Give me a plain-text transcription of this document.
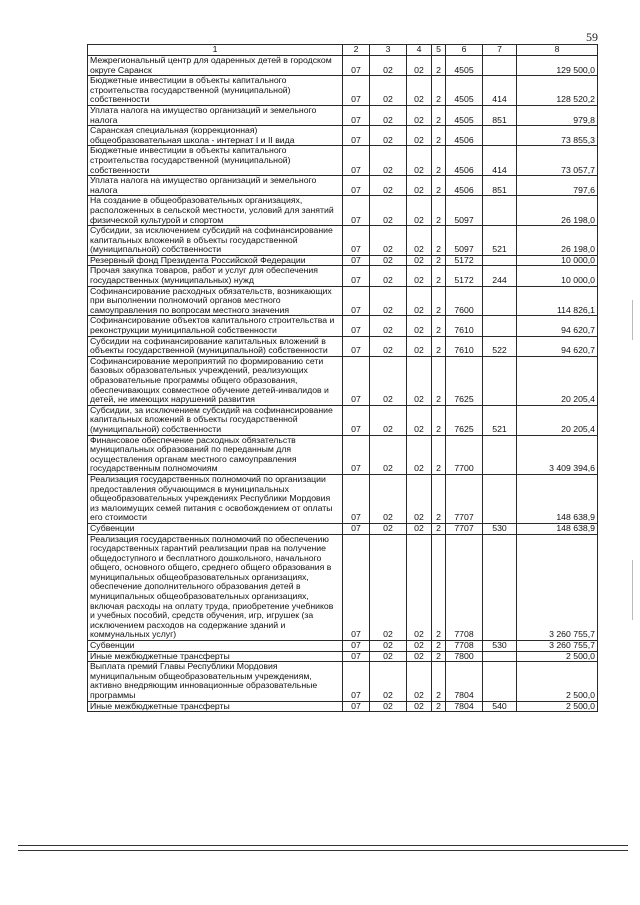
59
1	2	3	4	5	6	7	8
Межрегиональный центр для одаренных детей в городском округе Саранск	07	02	02	2	4505		129 500,0
Бюджетные инвестиции в объекты капитального строительства государственной (муниципальной) собственности	07	02	02	2	4505	414	128 520,2
Уплата налога на имущество организаций и земельного налога	07	02	02	2	4505	851	979,8
Саранская специальная (коррекционная) общеобразовательная школа - интернат I и II вида	07	02	02	2	4506		73 855,3
Бюджетные инвестиции в объекты капитального строительства государственной (муниципальной) собственности	07	02	02	2	4506	414	73 057,7
Уплата налога на имущество организаций и земельного налога	07	02	02	2	4506	851	797,6
На создание в общеобразовательных организациях, расположенных в сельской местности, условий для занятий физической культурой и спортом	07	02	02	2	5097		26 198,0
Субсидии, за исключением субсидий на софинансирование капитальных вложений в объекты государственной (муниципальной) собственности	07	02	02	2	5097	521	26 198,0
Резервный фонд Президента Российской Федерации	07	02	02	2	5172		10 000,0
Прочая закупка товаров, работ и услуг для обеспечения государственных (муниципальных) нужд	07	02	02	2	5172	244	10 000,0
Софинансирование расходных обязательств, возникающих при выполнении полномочий органов местного самоуправления по вопросам местного значения	07	02	02	2	7600		114 826,1
Софинансирование объектов капитального строительства и реконструкции муниципальной собственности	07	02	02	2	7610		94 620,7
Субсидии на софинансирование капитальных вложений в объекты государственной (муниципальной) собственности	07	02	02	2	7610	522	94 620,7
Софинансирование мероприятий по формированию сети базовых образовательных учреждений, реализующих образовательные программы общего образования, обеспечивающих совместное обучение детей-инвалидов и детей, не имеющих нарушений развития	07	02	02	2	7625		20 205,4
Субсидии, за исключением субсидий на софинансирование капитальных вложений в объекты государственной (муниципальной) собственности	07	02	02	2	7625	521	20 205,4
Финансовое обеспечение расходных обязательств муниципальных образований по переданным для осуществления органам местного самоуправления государственным полномочиям	07	02	02	2	7700		3 409 394,6
Реализация государственных полномочий по организации предоставления обучающимся в муниципальных общеобразовательных учреждениях Республики Мордовия из малоимущих семей питания с освобождением от оплаты его стоимости	07	02	02	2	7707		148 638,9
Субвенции	07	02	02	2	7707	530	148 638,9
Реализация государственных полномочий по обеспечению государственных гарантий реализации прав на получение общедоступного и бесплатного дошкольного, начального общего, основного общего, среднего общего образования в муниципальных общеобразовательных организациях, обеспечение дополнительного образования детей в муниципальных общеобразовательных организациях, включая расходы на оплату труда, приобретение учебников и учебных пособий, средств обучения, игр, игрушек (за исключением расходов на содержание зданий и коммунальных услуг)	07	02	02	2	7708		3 260 755,7
Субвенции	07	02	02	2	7708	530	3 260 755,7
Иные межбюджетные трансферты	07	02	02	2	7800		2 500,0
Выплата премий Главы Республики Мордовия муниципальным общеобразовательным учреждениям, активно внедряющим инновационные образовательные программы	07	02	02	2	7804		2 500,0
Иные межбюджетные трансферты	07	02	02	2	7804	540	2 500,0
